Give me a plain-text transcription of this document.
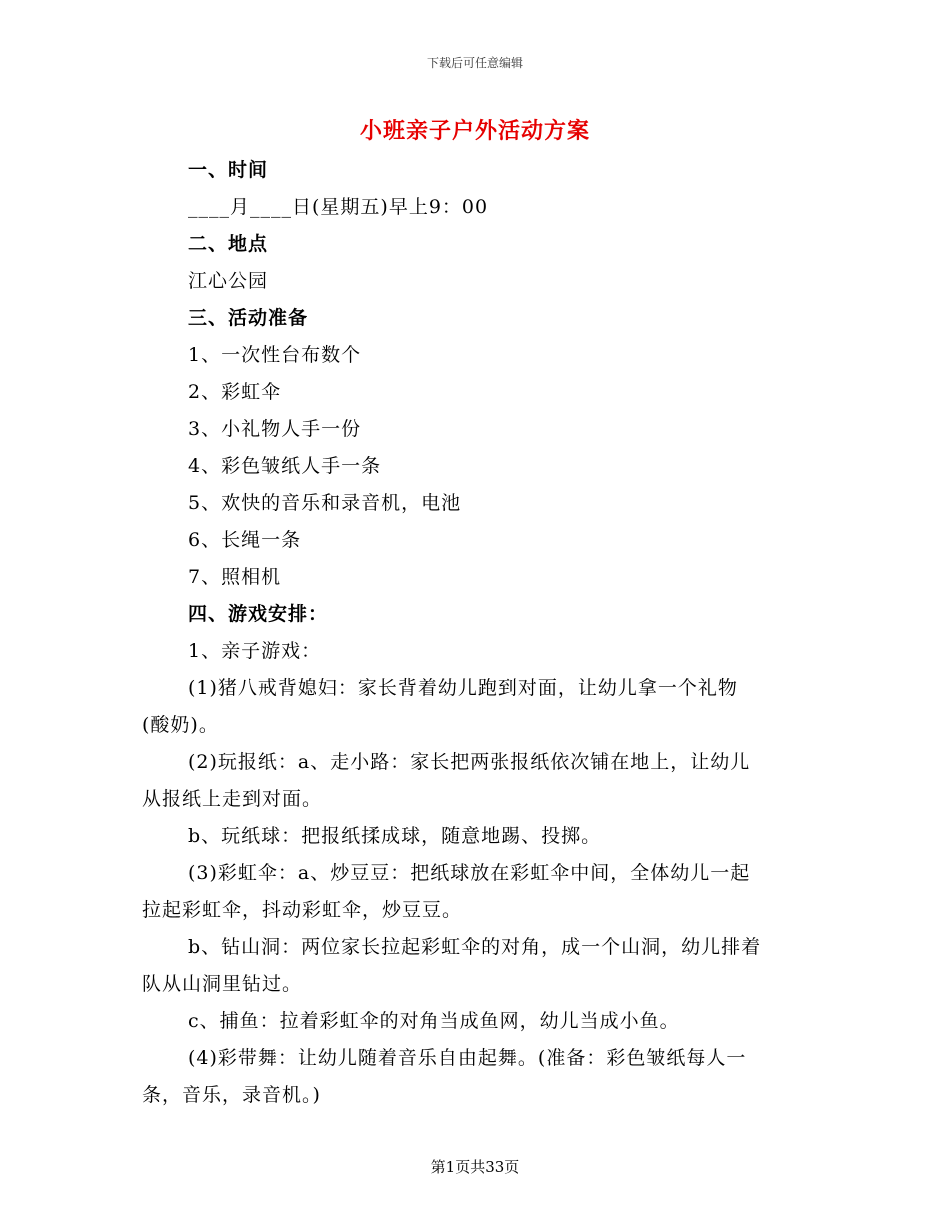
下载后可任意编辑
小班亲子户外活动方案
一、时间
____月____日(星期五)早上9：00
二、地点
江心公园
三、活动准备
1、一次性台布数个
2、彩虹伞
3、小礼物人手一份
4、彩色皱纸人手一条
5、欢快的音乐和录音机，电池
6、长绳一条
7、照相机
四、游戏安排：
1、亲子游戏：
(1)猪八戒背媳妇：家长背着幼儿跑到对面，让幼儿拿一个礼物
(酸奶)。
(2)玩报纸：a、走小路：家长把两张报纸依次铺在地上，让幼儿
从报纸上走到对面。
b、玩纸球：把报纸揉成球，随意地踢、投掷。
(3)彩虹伞：a、炒豆豆：把纸球放在彩虹伞中间，全体幼儿一起
拉起彩虹伞，抖动彩虹伞，炒豆豆。
b、钻山洞：两位家长拉起彩虹伞的对角，成一个山洞，幼儿排着
队从山洞里钻过。
c、捕鱼：拉着彩虹伞的对角当成鱼网，幼儿当成小鱼。
(4)彩带舞：让幼儿随着音乐自由起舞。(准备：彩色皱纸每人一
条，音乐，录音机。)
第1页共33页
